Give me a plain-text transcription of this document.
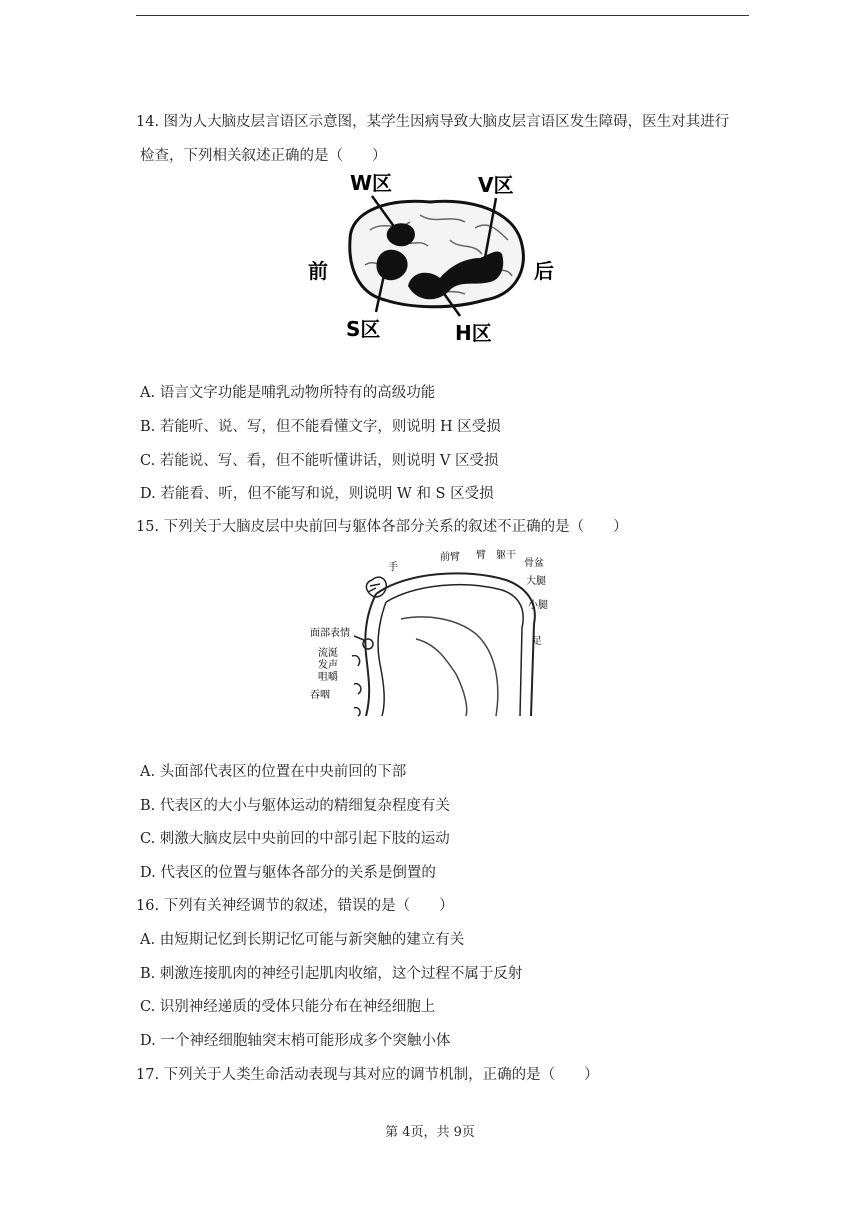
14. 图为人大脑皮层言语区示意图，某学生因病导致大脑皮层言语区发生障碍，医生对其进行
检查，下列相关叙述正确的是（　　）
W区	V区
前	后
S区	H区
A. 语言文字功能是哺乳动物所特有的高级功能
B. 若能听、说、写，但不能看懂文字，则说明 H 区受损
C. 若能说、写、看，但不能听懂讲话，则说明 V 区受损
D. 若能看、听，但不能写和说，则说明 W 和 S 区受损
15. 下列关于大脑皮层中央前回与躯体各部分关系的叙述不正确的是（　　）
手
前臂 臂 躯干
骨盆
大腿
小腿
足
面部表情
流涎
发声
咀嚼
吞咽
A. 头面部代表区的位置在中央前回的下部
B. 代表区的大小与躯体运动的精细复杂程度有关
C. 刺激大脑皮层中央前回的中部引起下肢的运动
D. 代表区的位置与躯体各部分的关系是倒置的
16. 下列有关神经调节的叙述，错误的是（　　）
A. 由短期记忆到长期记忆可能与新突触的建立有关
B. 刺激连接肌肉的神经引起肌肉收缩，这个过程不属于反射
C. 识别神经递质的受体只能分布在神经细胞上
D. 一个神经细胞轴突末梢可能形成多个突触小体
17. 下列关于人类生命活动表现与其对应的调节机制，正确的是（　　）
第 4页，共 9页
